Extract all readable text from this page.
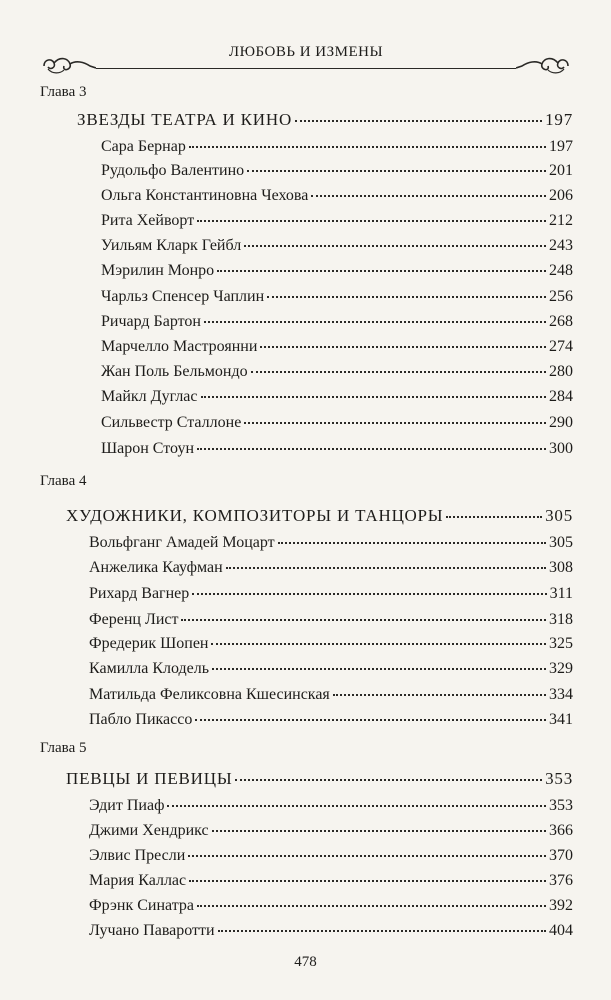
ЛЮБОВЬ И ИЗМЕНЫ
Глава 3
ЗВЕЗДЫ ТЕАТРА И КИНО	197
Сара Бернар	197
Рудольфо Валентино	201
Ольга Константиновна Чехова	206
Рита Хейворт	212
Уильям Кларк Гейбл	243
Мэрилин Монро	248
Чарльз Спенсер Чаплин	256
Ричард Бартон	268
Марчелло Мастроянни	274
Жан Поль Бельмондо	280
Майкл Дуглас	284
Сильвестр Сталлоне	290
Шарон Стоун	300
Глава 4
ХУДОЖНИКИ, КОМПОЗИТОРЫ И ТАНЦОРЫ	305
Вольфганг Амадей Моцарт	305
Анжелика Кауфман	308
Рихард Вагнер	311
Ференц Лист	318
Фредерик Шопен	325
Камилла Клодель	329
Матильда Феликсовна Кшесинская	334
Пабло Пикассо	341
Глава 5
ПЕВЦЫ И ПЕВИЦЫ	353
Эдит Пиаф	353
Джими Хендрикс	366
Элвис Пресли	370
Мария Каллас	376
Фрэнк Синатра	392
Лучано Паваротти	404
478
